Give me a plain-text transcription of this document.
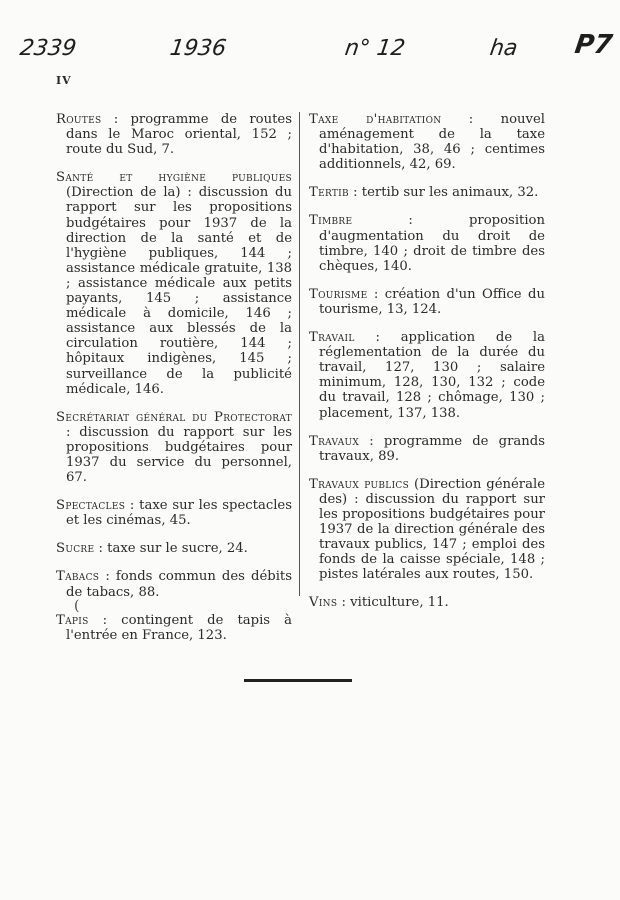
2339	1936	n° 12	ha P7
IV

Routes : programme de routes dans le Maroc oriental, 152 ; route du Sud, 7.

Santé et hygiène publiques (Direction de la) : discussion du rapport sur les propositions budgétaires pour 1937 de la direction de la santé et de l'hygiène publiques, 144 ; assistance médicale gratuite, 138 ; assistance médicale aux petits payants, 145 ; assistance médicale à domicile, 146 ; assistance aux blessés de la circulation routière, 144 ; hôpitaux indigènes, 145 ; surveillance de la publicité médicale, 146.

Secrétariat général du Protectorat : discussion du rapport sur les propositions budgétaires pour 1937 du service du personnel, 67.

Spectacles : taxe sur les spectacles et les cinémas, 45.

Sucre : taxe sur le sucre, 24.

Tabacs : fonds commun des débits de tabacs, 88.

Tapis : contingent de tapis à l'entrée en France, 123.

Taxe d'habitation : nouvel aménagement de la taxe d'habitation, 38, 46 ; centimes additionnels, 42, 69.

Tertib : tertib sur les animaux, 32.

Timbre : proposition d'augmentation du droit de timbre, 140 ; droit de timbre des chèques, 140.

Tourisme : création d'un Office du tourisme, 13, 124.

Travail : application de la réglementation de la durée du travail, 127, 130 ; salaire minimum, 128, 130, 132 ; code du travail, 128 ; chômage, 130 ; placement, 137, 138.

Travaux : programme de grands travaux, 89.

Travaux publics (Direction générale des) : discussion du rapport sur les propositions budgétaires pour 1937 de la direction générale des travaux publics, 147 ; emploi des fonds de la caisse spéciale, 148 ; pistes latérales aux routes, 150.

Vins : viticulture, 11.

(
